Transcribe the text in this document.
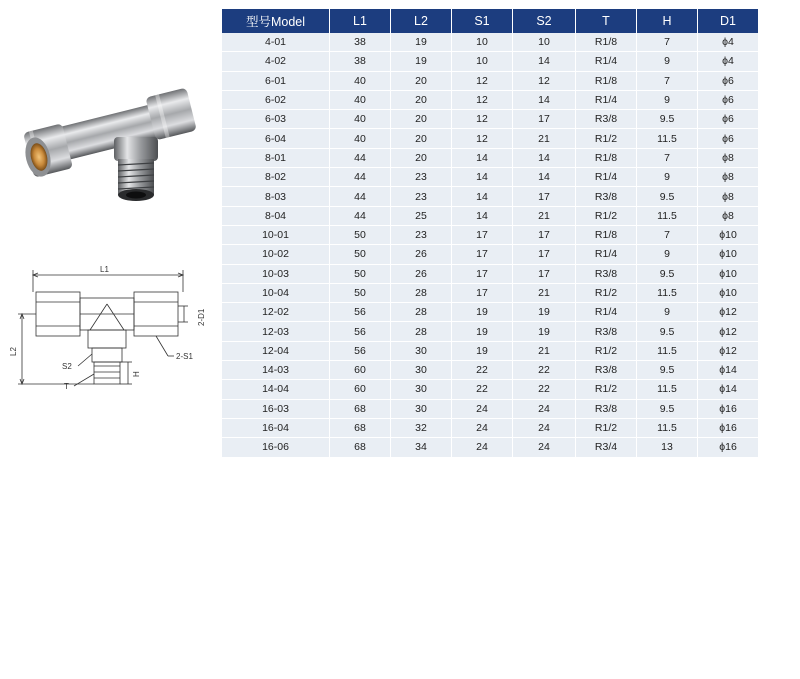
L1
L2
2-D1
2-S1
S2
T
H
型号Model	L1	L2	S1	S2	T	H	D1
4-01	38	19	10	10	R1/8	7	ϕ4
4-02	38	19	10	14	R1/4	9	ϕ4
6-01	40	20	12	12	R1/8	7	ϕ6
6-02	40	20	12	14	R1/4	9	ϕ6
6-03	40	20	12	17	R3/8	9.5	ϕ6
6-04	40	20	12	21	R1/2	11.5	ϕ6
8-01	44	20	14	14	R1/8	7	ϕ8
8-02	44	23	14	14	R1/4	9	ϕ8
8-03	44	23	14	17	R3/8	9.5	ϕ8
8-04	44	25	14	21	R1/2	11.5	ϕ8
10-01	50	23	17	17	R1/8	7	ϕ10
10-02	50	26	17	17	R1/4	9	ϕ10
10-03	50	26	17	17	R3/8	9.5	ϕ10
10-04	50	28	17	21	R1/2	11.5	ϕ10
12-02	56	28	19	19	R1/4	9	ϕ12
12-03	56	28	19	19	R3/8	9.5	ϕ12
12-04	56	30	19	21	R1/2	11.5	ϕ12
14-03	60	30	22	22	R3/8	9.5	ϕ14
14-04	60	30	22	22	R1/2	11.5	ϕ14
16-03	68	30	24	24	R3/8	9.5	ϕ16
16-04	68	32	24	24	R1/2	11.5	ϕ16
16-06	68	34	24	24	R3/4	13	ϕ16
